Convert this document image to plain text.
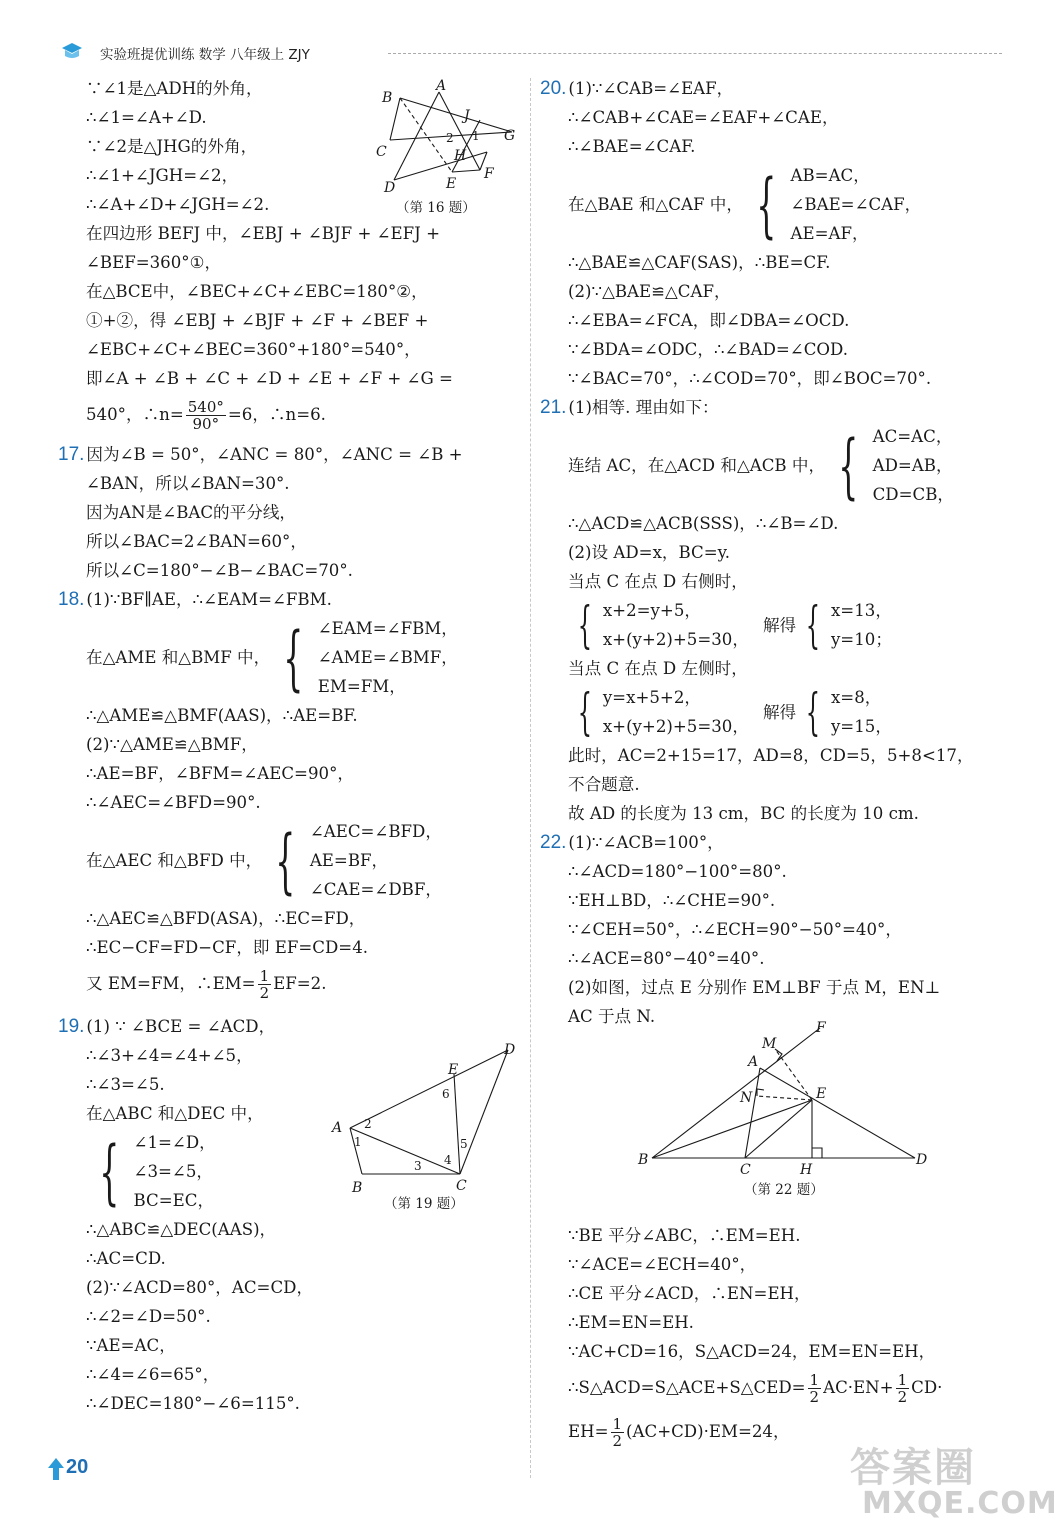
实验班提优训练 数学 八年级上 ZJY
∵∠1是△ADH的外角，
∴∠1=∠A+∠D.
∵∠2是△JHG的外角，
∴∠1+∠JGH=∠2，
∴∠A+∠D+∠JGH=∠2.
在四边形 BEFJ 中，∠EBJ + ∠BJF + ∠EFJ +
∠BEF=360°①，
在△BCE中，∠BEC+∠C+∠EBC=180°②，
①+②，得 ∠EBJ + ∠BJF + ∠F + ∠BEF +
∠EBC+∠C+∠BEC=360°+180°=540°，
即∠A + ∠B + ∠C + ∠D + ∠E + ∠F + ∠G =
540°，∴n= $\frac{540^\circ}{90^\circ} =6$，∴n=6.
17. 因为∠B = 50°，∠ANC = 80°，∠ANC = ∠B +
∠BAN，所以∠BAN=30°.
因为AN是∠BAC的平分线，
所以∠BAC=2∠BAN=60°，
所以∠C=180°−∠B−∠BAC=70°.
18. (1)∵BF∥AE，∴∠EAM=∠FBM.
在△AME 和△BMF 中， { ∠EAM=∠FBM，
∠AME=∠BMF，
EM=FM，
∴△AME≌△BMF(AAS)，∴AE=BF.
(2)∵△AME≌△BMF，
∴AE=BF，∠BFM=∠AEC=90°，
∴∠AEC=∠BFD=90°.
在△AEC 和△BFD 中， { ∠AEC=∠BFD，
AE=BF，
∠CAE=∠DBF，
∴△AEC≌△BFD(ASA)，∴EC=FD，
∴EC−CF=FD−CF，即 EF=CD=4.
又 EM=FM，∴EM= $\frac{1}{2} EF=2$.
19. (1) ∵ ∠BCE = ∠ACD，
∴∠3+∠4=∠4+∠5，
∴∠3=∠5.
在△ABC 和△DEC 中，
{ ∠1=∠D，
∠3=∠5，
BC=EC，
∴△ABC≌△DEC(AAS)，
∴AC=CD.
(2)∵∠ACD=80°，AC=CD，
∴∠2=∠D=50°.
∵AE=AC，
∴∠4=∠6=65°，
∴∠DEC=180°−∠6=115°.
A
B
J
1
2	G
C	H
D	E
F
（第 16 题）
D
E
6
A 2
1	5
3 4
B	C
（第 19 题）
20. (1)∵∠CAB=∠EAF，
∴∠CAB+∠CAE=∠EAF+∠CAE，
∴∠BAE=∠CAF.
在△BAE 和△CAF 中， { AB=AC，
∠BAE=∠CAF，
AE=AF，
∴△BAE≌△CAF(SAS)，∴BE=CF.
(2)∵△BAE≌△CAF，
∴∠EBA=∠FCA，即∠DBA=∠OCD.
∵∠BDA=∠ODC，∴∠BAD=∠COD.
∵∠BAC=70°，∴∠COD=70°，即∠BOC=70°.
21. (1)相等. 理由如下：
连结 AC，在△ACD 和△ACB 中， { AC=AC，
AD=AB，
CD=CB，
∴△ACD≌△ACB(SSS)，∴∠B=∠D.
(2)设 AD=x，BC=y.
当点 C 在点 D 右侧时，
{ x+2=y+5，
x+(y+2)+5=30，
解得 { x=13，
y=10；
当点 C 在点 D 左侧时，
{ y=x+5+2，
x+(y+2)+5=30，
解得 { x=8，
y=15，
此时，AC=2+15=17，AD=8，CD=5，5+8<17，
不合题意.
故 AD 的长度为 13 cm，BC 的长度为 10 cm.
22. (1)∵∠ACB=100°，
∴∠ACD=180°−100°=80°.
∵EH⊥BD，∴∠CHE=90°.
∵∠CEH=50°，∴∠ECH=90°−50°=40°，
∴∠ACE=80°−40°=40°.
(2)如图，过点 E 分别作 EM⊥BF 于点 M，EN⊥
AC 于点 N.
∵BE 平分∠ABC，∴EM=EH.
∵∠ACE=∠ECH=40°，
∴CE 平分∠ACD，∴EN=EH，
∴EM=EN=EH.
∵AC+CD=16，S△ACD=24，EM=EN=EH，
∴S△ACD=S△ACE+S△CED= $\frac{1}{2} AC\cdot EN+ \frac{1}{2} CD\cdot$
$EH= \frac{1}{2} (AC+CD)\cdot EM=24$，
F
M
A
N	E
B
C	H
D
（第 22 题）
20	答案圈
MXQE.COM
